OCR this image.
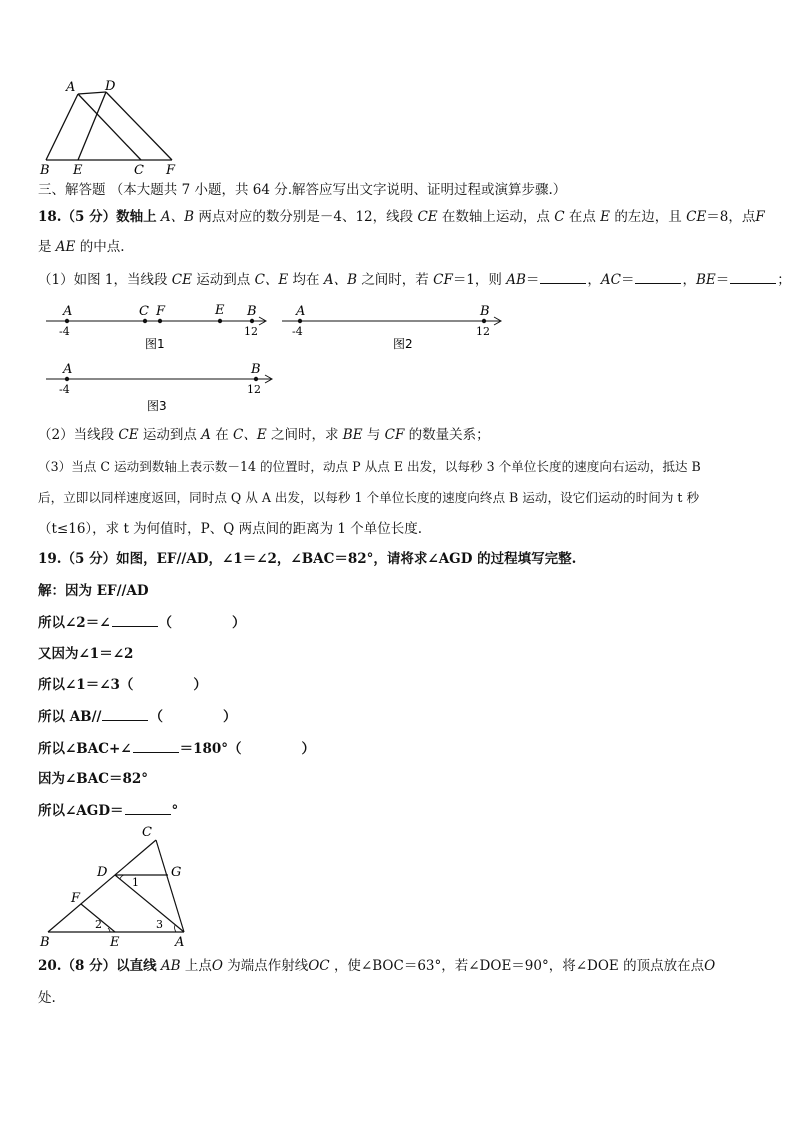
A D
B E	C F
三、解答题 （本大题共 7 小题，共 64 分.解答应写出文字说明、证明过程或演算步骤.）
18.（5 分）数轴上 A、B 两点对应的数分别是－4、12，线段 CE 在数轴上运动，点 C 在点 E 的左边，且 CE＝8，点F
是 AE 的中点.
（1）如图 1，当线段 CE 运动到点 C、E 均在 A、B 之间时，若 CF＝1，则 AB＝	，AC＝	，BE＝	；
A	C F	E B
-4	12
图1
A	B
-4	12
图2
A	B
-4	12
图3
（2）当线段 CE 运动到点 A 在 C、E 之间时，求 BE 与 CF 的数量关系；
（3）当点 C 运动到数轴上表示数－14 的位置时，动点 P 从点 E 出发，以每秒 3 个单位长度的速度向右运动，抵达 B
后，立即以同样速度返回，同时点 Q 从 A 出发，以每秒 1 个单位长度的速度向终点 B 运动，设它们运动的时间为 t 秒
（t≤16），求 t 为何值时，P、Q 两点间的距离为 1 个单位长度.
19.（5 分）如图，EF//AD，∠1＝∠2，∠BAC＝82°，请将求∠AGD 的过程填写完整.
解：因为 EF//AD
所以∠2＝∠	（	）
又因为∠1＝∠2
所以∠1＝∠3（	）
所以 AB//	（	）
所以∠BAC+∠	＝180°（	）
因为∠BAC＝82°
所以∠AGD＝	°
C
D	G
F
B	E	A
1
2	3
20.（8 分）以直线 AB 上点O 为端点作射线OC ，使∠BOC＝63°，若∠DOE＝90°，将∠DOE 的顶点放在点O
处.
